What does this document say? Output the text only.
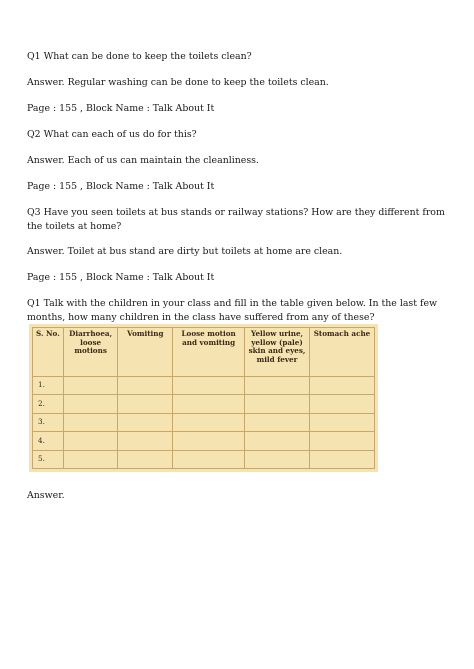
Q1 What can be done to keep the toilets clean?

Answer. Regular washing can be done to keep the toilets clean.

Page : 155 , Block Name : Talk About It

Q2 What can each of us do for this?

Answer. Each of us can maintain the cleanliness.

Page : 155 , Block Name : Talk About It

Q3 Have you seen toilets at bus stands or railway stations? How are they different from the toilets at home?

Answer. Toilet at bus stand are dirty but toilets at home are clean.

Page : 155 , Block Name : Talk About It

Q1 Talk with the children in your class and fill in the table given below. In the last few months, how many children in the class have suffered from any of these?

S. No.	Diarrhoea, loose motions	Vomiting	Loose motion and vomiting	Yellow urine, yellow (pale) skin and eyes, mild fever	Stomach ache
1.					
2.					
3.					
4.					
5.					

Answer.
